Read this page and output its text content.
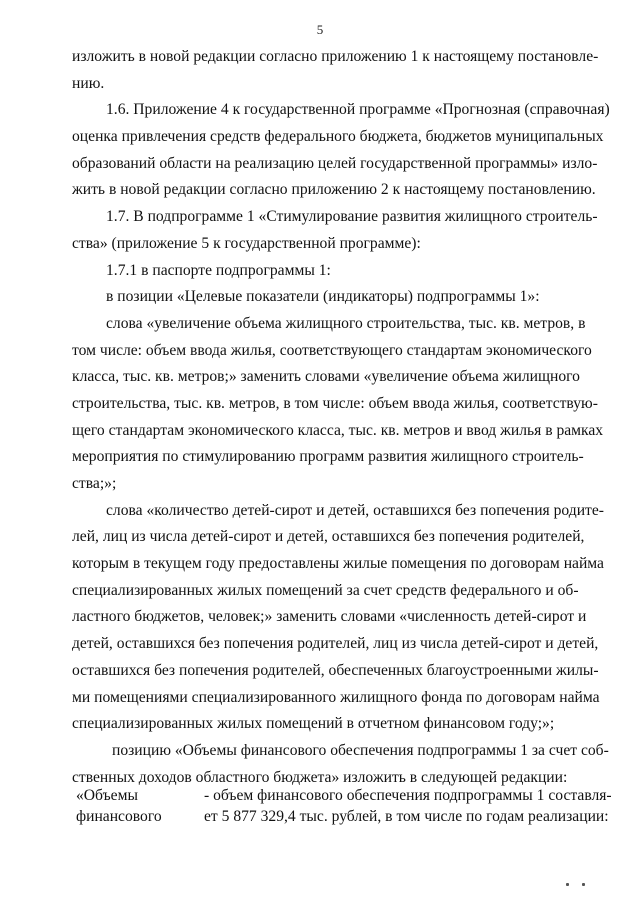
5
изложить в новой редакции согласно приложению 1 к настоящему постановле-
нию.
1.6. Приложение 4 к государственной программе «Прогнозная (справочная)
оценка привлечения средств федерального бюджета, бюджетов муниципальных
образований области на реализацию целей государственной программы» изло-
жить в новой редакции согласно приложению 2 к настоящему постановлению.
1.7. В подпрограмме 1 «Стимулирование развития жилищного строитель-
ства» (приложение 5 к государственной программе):
1.7.1 в паспорте подпрограммы 1:
в позиции «Целевые показатели (индикаторы) подпрограммы 1»:
слова «увеличение объема жилищного строительства, тыс. кв. метров, в
том числе: объем ввода жилья, соответствующего стандартам экономического
класса, тыс. кв. метров;» заменить словами «увеличение объема жилищного
строительства, тыс. кв. метров, в том числе: объем ввода жилья, соответствую-
щего стандартам экономического класса, тыс. кв. метров и ввод жилья в рамках
мероприятия по стимулированию программ развития жилищного строитель-
ства;»;
слова «количество детей-сирот и детей, оставшихся без попечения родите-
лей, лиц из числа детей-сирот и детей, оставшихся без попечения родителей,
которым в текущем году предоставлены жилые помещения по договорам найма
специализированных жилых помещений за счет средств федерального и об-
ластного бюджетов, человек;» заменить словами «численность детей-сирот и
детей, оставшихся без попечения родителей, лиц из числа детей-сирот и детей,
оставшихся без попечения родителей, обеспеченных благоустроенными жилы-
ми помещениями специализированного жилищного фонда по договорам найма
специализированных жилых помещений в отчетном финансовом году;»;
позицию «Объемы финансового обеспечения подпрограммы 1 за счет соб-
ственных доходов областного бюджета» изложить в следующей редакции:
«Объемы	- объем финансового обеспечения подпрограммы 1 составля-
финансового	ет 5 877 329,4 тыс. рублей, в том числе по годам реализации:
